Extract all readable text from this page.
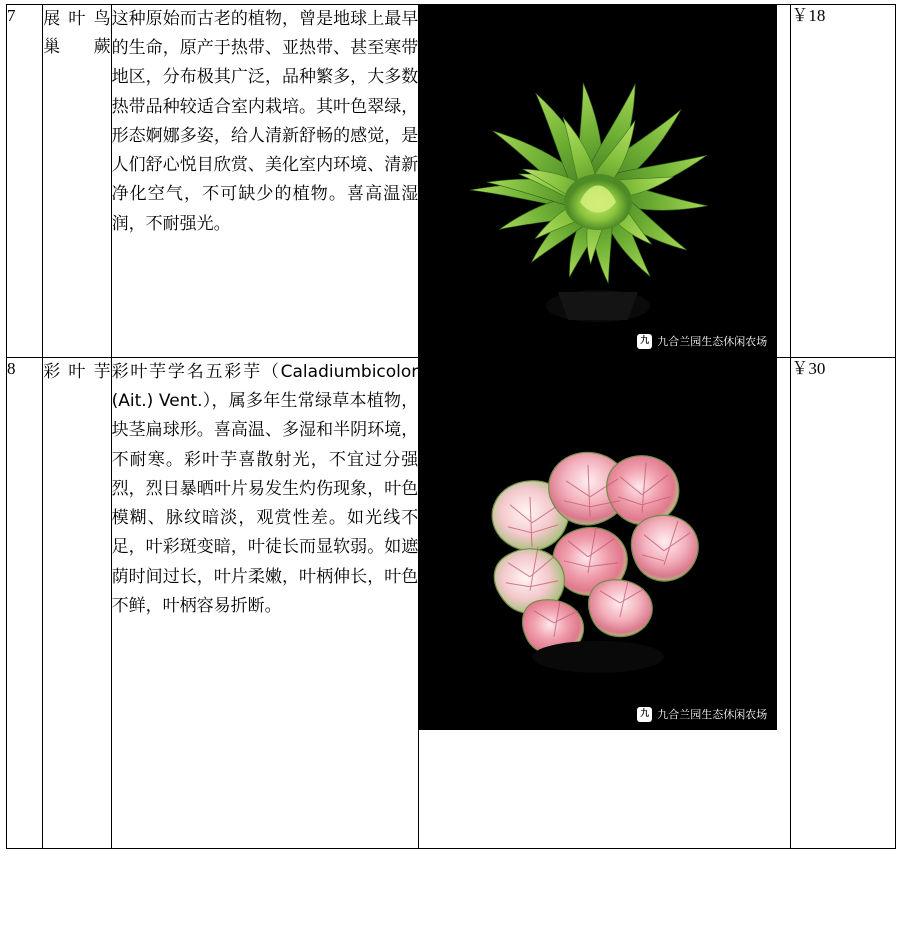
7	展叶鸟巢蕨	这种原始而古老的植物，曾是地球上最早的生命，原产于热带、亚热带、甚至寒带地区，分布极其广泛，品种繁多，大多数热带品种较适合室内栽培。其叶色翠绿，形态婀娜多姿，给人清新舒畅的感觉，是人们舒心悦目欣赏、美化室内环境、清新净化空气，不可缺少的植物。喜高温湿润，不耐强光。	九 九合兰园生态休闲农场	￥18
8	彩叶芋	彩叶芋学名五彩芋（Caladiumbicolor (Ait.) Vent.），属多年生常绿草本植物，块茎扁球形。喜高温、多湿和半阴环境，不耐寒。彩叶芋喜散射光，不宜过分强烈，烈日暴晒叶片易发生灼伤现象，叶色模糊、脉纹暗淡，观赏性差。如光线不足，叶彩斑变暗，叶徒长而显软弱。如遮荫时间过长，叶片柔嫩，叶柄伸长，叶色不鲜，叶柄容易折断。	九 九合兰园生态休闲农场	￥30
